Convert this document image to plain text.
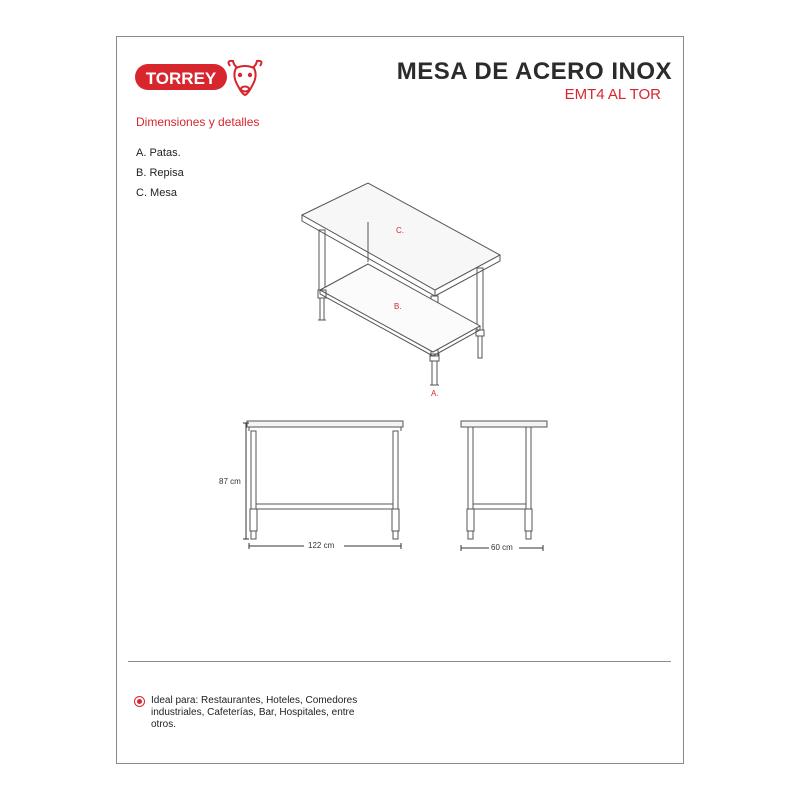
TORREY	MESA DE ACERO INOX
EMT4 AL TOR
Dimensiones y detalles
A. Patas.
B. Repisa
C. Mesa
C.
B.
A.
87 cm
122 cm	60 cm
Ideal para: Restaurantes, Hoteles, Comedores industriales, Cafeterías, Bar, Hospitales, entre otros.
